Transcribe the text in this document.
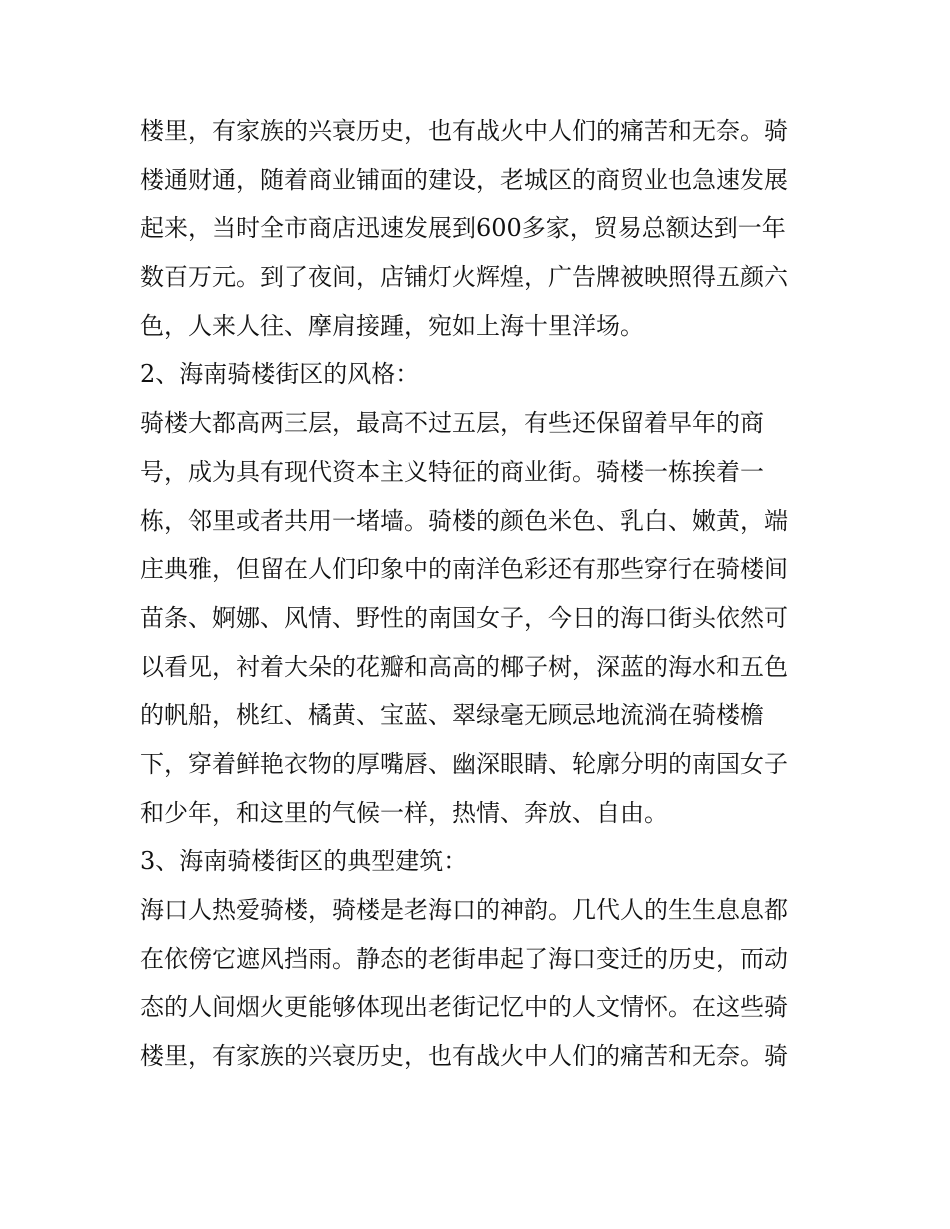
楼里，有家族的兴衰历史，也有战火中人们的痛苦和无奈。骑
楼通财通，随着商业铺面的建设，老城区的商贸业也急速发展
起来，当时全市商店迅速发展到600多家，贸易总额达到一年
数百万元。到了夜间，店铺灯火辉煌，广告牌被映照得五颜六
色，人来人往、摩肩接踵，宛如上海十里洋场。
2、海南骑楼街区的风格：
骑楼大都高两三层，最高不过五层，有些还保留着早年的商
号，成为具有现代资本主义特征的商业街。骑楼一栋挨着一
栋，邻里或者共用一堵墙。骑楼的颜色米色、乳白、嫩黄，端
庄典雅，但留在人们印象中的南洋色彩还有那些穿行在骑楼间
苗条、婀娜、风情、野性的南国女子，今日的海口街头依然可
以看见，衬着大朵的花瓣和高高的椰子树，深蓝的海水和五色
的帆船，桃红、橘黄、宝蓝、翠绿毫无顾忌地流淌在骑楼檐
下，穿着鲜艳衣物的厚嘴唇、幽深眼睛、轮廓分明的南国女子
和少年，和这里的气候一样，热情、奔放、自由。
3、海南骑楼街区的典型建筑：
海口人热爱骑楼，骑楼是老海口的神韵。几代人的生生息息都
在依傍它遮风挡雨。静态的老街串起了海口变迁的历史，而动
态的人间烟火更能够体现出老街记忆中的人文情怀。在这些骑
楼里，有家族的兴衰历史，也有战火中人们的痛苦和无奈。骑
